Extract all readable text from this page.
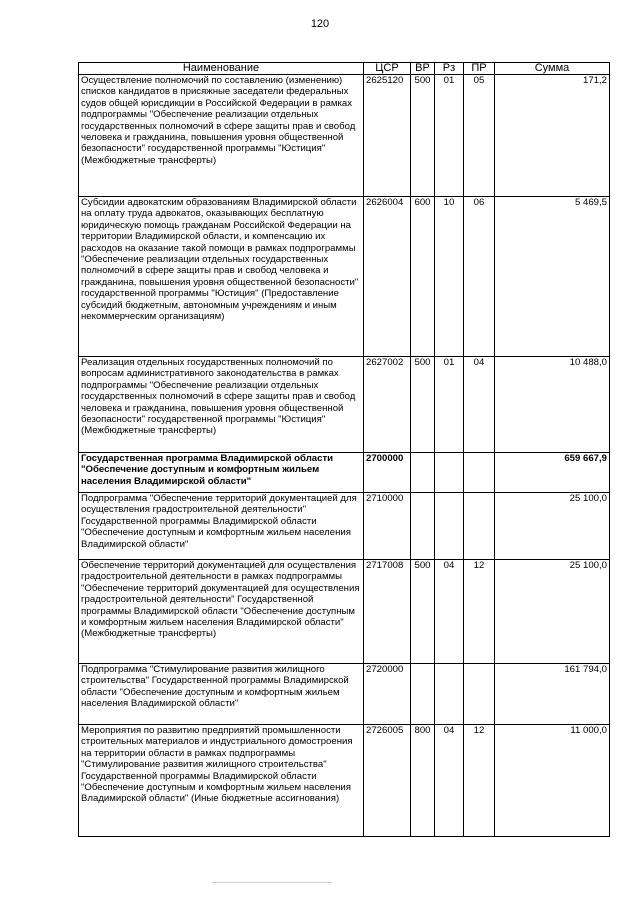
120
Наименование	ЦСР	ВР	Рз	ПР	Сумма
Осуществление полномочий по составлению (изменению) списков кандидатов в присяжные заседатели федеральных судов общей юрисдикции в Российской Федерации в рамках подпрограммы "Обеспечение реализации отдельных государственных полномочий в сфере защиты прав и свобод человека и гражданина, повышения уровня общественной безопасности" государственной программы "Юстиция" (Межбюджетные трансферты)	2625120	500	01	05	171,2
Субсидии адвокатским образованиям Владимирской области на оплату труда адвокатов, оказывающих бесплатную юридическую помощь гражданам Российской Федерации на территории Владимирской области, и компенсацию их расходов на оказание такой помощи в рамках подпрограммы "Обеспечение реализации отдельных государственных полномочий в сфере защиты прав и свобод человека и гражданина, повышения уровня общественной безопасности" государственной программы "Юстиция" (Предоставление субсидий бюджетным, автономным учреждениям и иным некоммерческим организациям)	2626004	600	10	06	5 469,5
Реализация отдельных государственных полномочий по вопросам административного законодательства в рамках подпрограммы "Обеспечение реализации отдельных государственных полномочий в сфере защиты прав и свобод человека и гражданина, повышения уровня общественной безопасности" государственной программы "Юстиция" (Межбюджетные трансферты)	2627002	500	01	04	10 488,0
Государственная программа Владимирской области "Обеспечение доступным и комфортным жильем населения Владимирской области"	2700000				659 667,9
Подпрограмма "Обеспечение территорий документацией для осуществления градостроительной деятельности" Государственной программы Владимирской области "Обеспечение доступным и комфортным жильем населения Владимирской области"	2710000				25 100,0
Обеспечение территорий документацией для осуществления градостроительной деятельности в рамках подпрограммы "Обеспечение территорий документацией для осуществления градостроительной деятельности" Государственной программы Владимирской области "Обеспечение доступным и комфортным жильем населения Владимирской области" (Межбюджетные трансферты)	2717008	500	04	12	25 100,0
Подпрограмма "Стимулирование развития жилищного строительства" Государственной программы Владимирской области "Обеспечение доступным и комфортным жильем населения Владимирской области"	2720000				161 794,0
Мероприятия по развитию предприятий промышленности строительных материалов и индустриального домостроения на территории области в рамках подпрограммы "Стимулирование развития жилищного строительства" Государственной программы Владимирской области "Обеспечение доступным и комфортным жильем населения Владимирской области" (Иные бюджетные ассигнования)	2726005	800	04	12	11 000,0
